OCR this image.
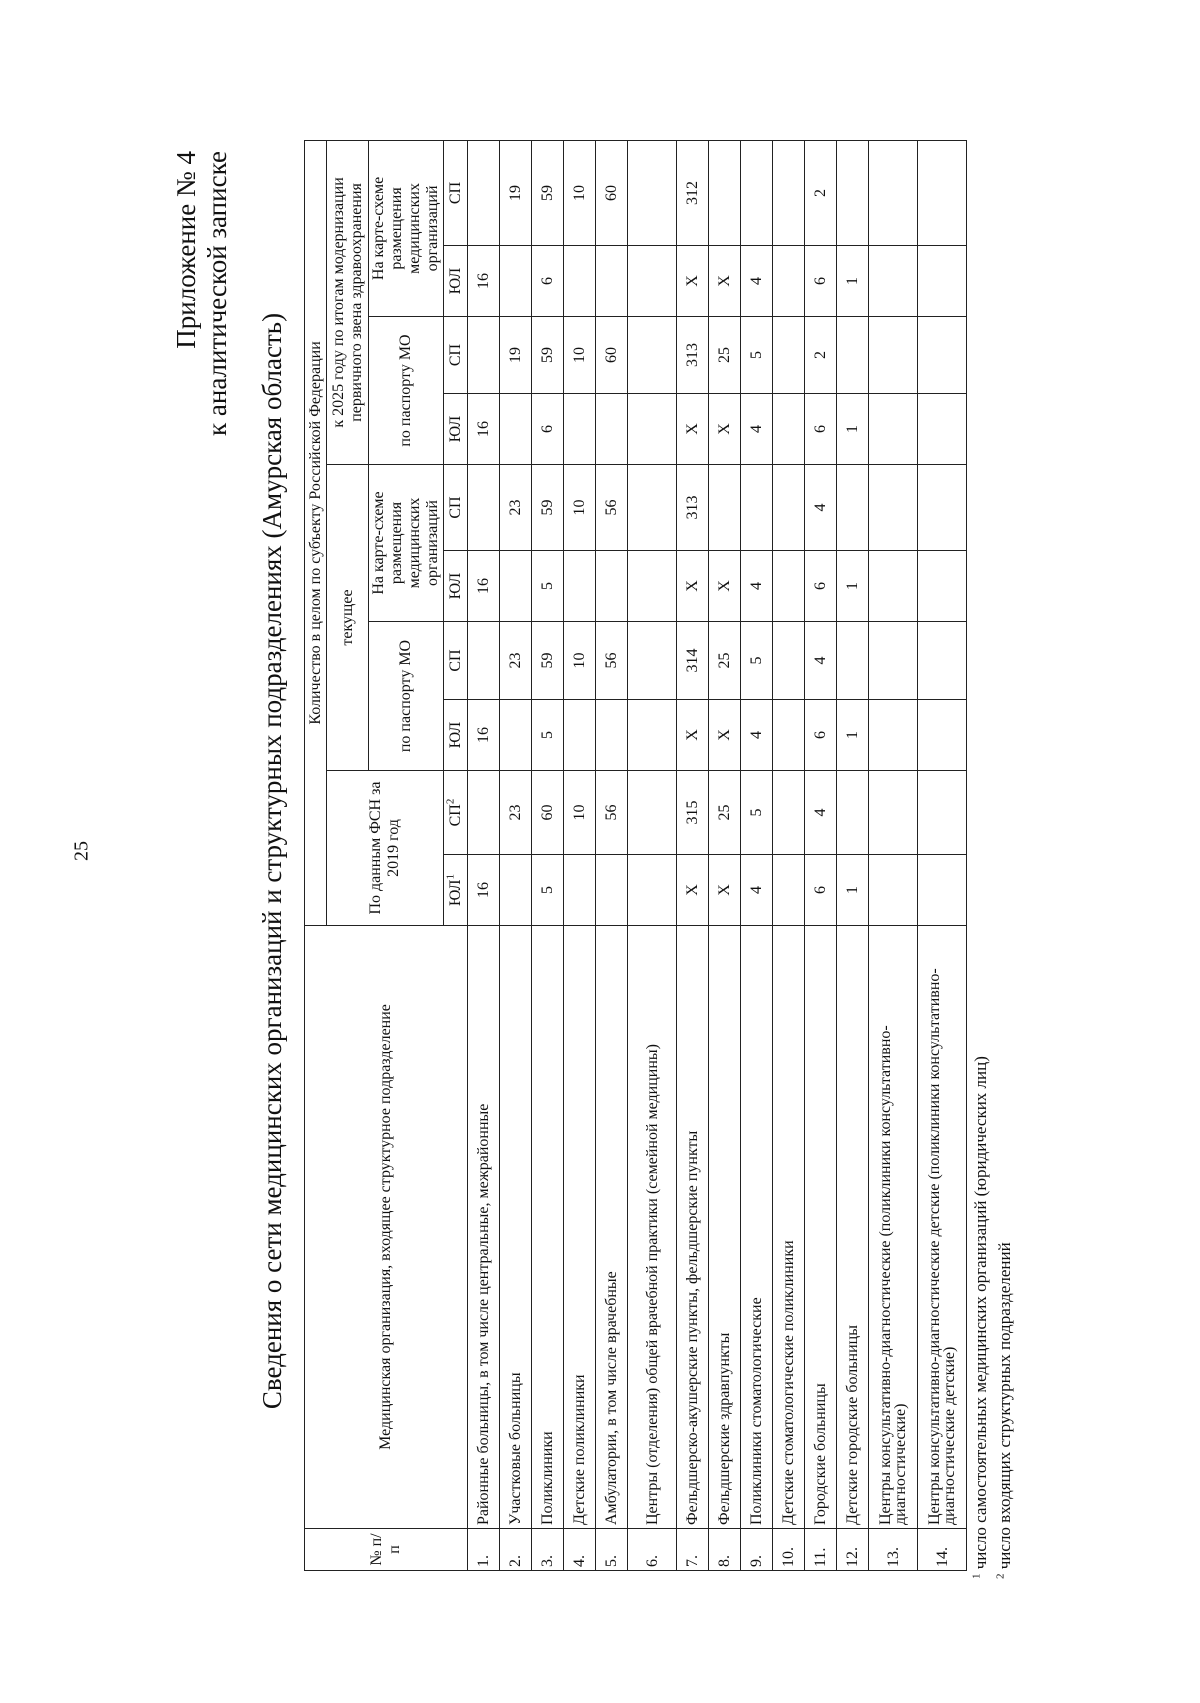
25
Приложение № 4 к аналитической записке
Сведения о сети медицинских организаций и структурных подразделениях (Амурская область)
№ п/п	Медицинская организация, входящее структурное подразделение	Количество в целом по субъекту Российской Федерации									
		По данным ФСН за 2019 год		текущее				к 2025 году по итогам модернизации первичного звена здравоохранения			
				по паспорту МО		На карте-схеме размещения медицинских организаций		по паспорту МО		На карте-схеме размещения медицинских организаций	
		$ЮЛ^1$	$СП^2$	ЮЛ	СП	ЮЛ	СП	ЮЛ	СП	ЮЛ	СП
1.	Районные больницы, в том числе центральные, межрайонные	16		16		16		16		16	
2.	Участковые больницы		23		23		23		19		19
3.	Поликлиники	5	60	5	59	5	59	6	59	6	59
4.	Детские поликлиники		10		10		10		10		10
5.	Амбулатории, в том числе врачебные		56		56		56		60		60
6.	Центры (отделения) общей врачебной практики (семейной медицины)										
7.	Фельдшерско-акушерские пункты, фельдшерские пункты	X	315	X	314	X	313	X	313	X	312
8.	Фельдшерские здравпункты	X	25	X	25	X		X	25	X	
9.	Поликлиники стоматологические	4	5	4	5	4		4	5	4	
10.	Детские стоматологические поликлиники										
11.	Городские больницы	6	4	6	4	6	4	6	2	6	2
12.	Детские городские больницы	1		1		1		1		1	
13.	Центры консультативно-диагностические (поликлиники консультативно-диагностические)										
14.	Центры консультативно-диагностические детские (поликлиники консультативно-диагностические детские)										
$^1$ число самостоятельных медицинских организаций (юридических лиц)
$^2$ число входящих структурных подразделений
